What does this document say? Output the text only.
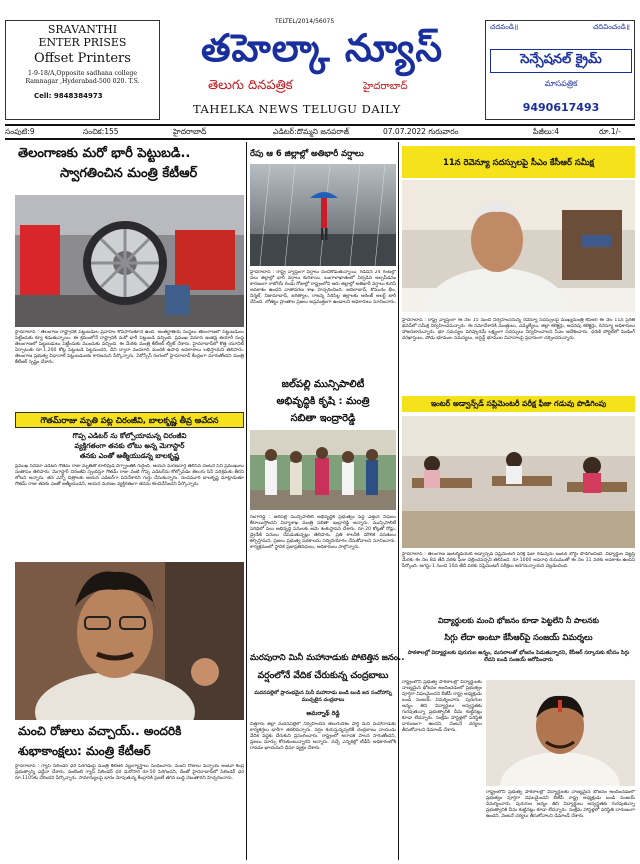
SRAVANTHI
ENTER PRISES
Offset Printers
1-9-18/A,Opposite sadhana college Ramnagar ,Hyderabad-500 020. T.S.
Cell: 9848384973
TELTEL/2014/56075
తహెల్కా న్యూస్
తెలుగు దినపత్రిక	హైదరాబాద్
TAHELKA NEWS TELUGU DAILY
చదవండి॥	చదివించండి॥
సెన్సేషనల్ క్రైమ్
మాసపత్రిక
9490617493
సంపుటి:9	సంచిక:155	హైదరాబాద్	ఎడిటర్:దొమ్మని జనపరాజ్	07.07.2022 గురువారం	పేజీలు:4	రూ.1/-
తెలంగాణకు మరో భారీ పెట్టుబడి..
స్వాగతించిన మంత్రి కేటీఆర్
హైదరాబాద్ : తెలంగాణ రాష్ట్రానికి పెట్టుబడుల ప్రవాహం కొనసాగుతూనే ఉంది. అంతర్జాతీయ సంస్థలు తెలంగాణలో పెట్టుబడులు పెట్టేందుకు క్యూ కడుతున్నాయి. ఈ క్రమంలోనే రాష్ట్రానికి మరో భారీ పెట్టుబడి వచ్చింది. ప్రముఖ విమాన ఇంజిన్ల తయారీ సంస్థ తెలంగాణలో పెట్టుబడులు పెట్టేందుకు ముందుకు వచ్చింది. ఈ మేరకు మంత్రి కేటీఆర్ ట్వీట్ చేశారు. హైదరాబాద్‌లో కొత్త యూనిట్ ఏర్పాటుకు రూ.1,200 కోట్ల పెట్టుబడి పెట్టనుందని, దీని ద్వారా వందలాది మందికి ఉపాధి అవకాశాలు లభిస్తాయని తెలిపారు. తెలంగాణ ప్రభుత్వ విధానాలే పెట్టుబడులకు కారణమని పేర్కొన్నారు. ఏరోస్పేస్ రంగంలో హైదరాబాద్ కేంద్రంగా మారుతోందని మంత్రి కేటీఆర్ స్పష్టం చేశారు.
గౌతమ్‌రాజు మృతి పట్ల చిరంజీవి, బాలకృష్ణ తీవ్ర ఆవేదన
గొప్ప ఎడిటర్ ను కోల్పోయామన్న చిరంజీవి
వ్యక్తిగతంగా తనకు లోటు అన్న మెగాస్టార్
తనకు ఎంతో ఆత్మీయుడన్న బాలకృష్ణ
ప్రముఖ సినిమా ఎడిటర్ గౌతమ్ రాజు మృతితో టాలీవుడ్ దిగ్భ్రాంతికి గురైంది. ఆయన మరణవార్త తెలిసిన వెంటనే సినీ ప్రముఖులు సంతాపం తెలిపారు. మెగాస్టార్ చిరంజీవి స్పందిస్తూ గౌతమ్ రాజు వంటి గొప్ప ఎడిటర్‌ను కోల్పోవడం తెలుగు సినీ పరిశ్రమకు తీరని లోటని అన్నారు. తన ఎన్నో చిత్రాలకు ఆయన ఎడిటర్‌గా పనిచేశారని గుర్తు చేసుకున్నారు. నందమూరి బాలకృష్ణ మాట్లాడుతూ గౌతమ్ రాజు తనకు ఎంతో ఆత్మీయుడని, ఆయన మరణం వ్యక్తిగతంగా తనను కలచివేసిందని పేర్కొన్నారు.
మంచి రోజులు వచ్చాయ్.. అందరికి
శుభాకాంక్షలు: మంత్రి కేటీఆర్
హైదరాబాద్ : గ్యాస్ సిలిండర్ ధర పెరగడంపై మంత్రి కేటీఆర్ వ్యంగ్యాస్త్రాలు సంధించారు. మంచి రోజులు వచ్చాయ్ అంటూ కేంద్ర ప్రభుత్వాన్ని ఎద్దేవా చేశారు. వంటింటి గ్యాస్ సిలిండర్ ధర మరోసారి రూ.50 పెరిగిందని, దీంతో హైదరాబాద్‌లో సిలిండర్ ధర రూ.1105కు చేరిందని పేర్కొన్నారు. సామాన్యులపై భారం మోపుతున్న కేంద్రానికి ప్రజలే తగిన బుద్ధి చెబుతారని హెచ్చరించారు.
రేపు ఆ 6 జిల్లాల్లో అతిభారీ వర్షాలు
హైదరాబాద్ : రాష్ట్ర వ్యాప్తంగా వర్షాలు దంచికొడుతున్నాయి. గడిచిన 24 గంటల్లో పలు జిల్లాల్లో భారీ వర్షాలు కురిశాయి. బంగాళాఖాతంలో ఏర్పడిన అల్పపీడనం కారణంగా రాబోయే రెండు రోజుల్లో రాష్ట్రంలోని ఆరు జిల్లాల్లో అతిభారీ వర్షాలు కురిసే అవకాశం ఉందని వాతావరణ శాఖ హెచ్చరించింది. ఆదిలాబాద్, కొమురం భీం, నిర్మల్, నిజామాబాద్, జగిత్యాల, రాజన్న సిరిసిల్ల జిల్లాలకు ఆరెంజ్ అలర్ట్ జారీ చేసింది. లోతట్టు ప్రాంతాల ప్రజలు అప్రమత్తంగా ఉండాలని అధికారులు సూచించారు.
జల్‌పల్లి మున్సిపాలిటీ
అభివృద్ధికి కృషి : మంత్రి
సబితా ఇంద్రారెడ్డి
రంగారెడ్డి : జల్‌పల్లి మున్సిపాలిటీ అభివృద్ధికి ప్రభుత్వం పెద్ద ఎత్తున నిధులు కేటాయిస్తోందని విద్యాశాఖ మంత్రి సబితా ఇంద్రారెడ్డి అన్నారు. మున్సిపాలిటీ పరిధిలో పలు అభివృద్ధి పనులకు ఆమె శంకుస్థాపన చేశారు. రూ.20 కోట్లతో రోడ్లు, డ్రైనేజీ పనులు చేపడుతున్నట్లు తెలిపారు. ప్రతి కాలనీకి మౌలిక వసతులు కల్పిస్తామని, ప్రజలు ప్రభుత్వ పథకాలను సద్వినియోగం చేసుకోవాలని సూచించారు. కార్యక్రమంలో స్థానిక ప్రజాప్రతినిధులు, అధికారులు పాల్గొన్నారు.
మరపురాని మినీ మహానాడుకు పోటెత్తిన జనం..
వర్షంలోనే వేదిక చేరుకున్న చంద్రబాబు
మదనపల్లెలో ప్రారంభమైన మినీ మహానాడు బండి బండి జన సందోహాన్ని ముచ్చటైన చంద్రబాబు
అమర్నాథ్ రెడ్డి
చిత్తూరు జిల్లా మదనపల్లెలో నిర్వహించిన తెలుగుదేశం పార్టీ మినీ మహానాడుకు కార్యకర్తలు భారీగా తరలివచ్చారు. వర్షం కురుస్తున్నప్పటికీ చంద్రబాబు నాయుడు వేదిక వద్దకు చేరుకుని ప్రసంగించారు. రాష్ట్రంలో అరాచక పాలన సాగుతోందని, ప్రజలు మార్పు కోరుకుంటున్నారని అన్నారు. వచ్చే ఎన్నికల్లో టీడీపీ అధికారంలోకి రావడం ఖాయమని ధీమా వ్యక్తం చేశారు.
11న రెవెన్యూ సదస్సులపై సీఎం కేసీఆర్ సమీక్ష
హైదరాబాద్ : రాష్ట్ర వ్యాప్తంగా ఈ నెల 15 నుంచి నిర్వహించనున్న రెవెన్యూ సదస్సులపై ముఖ్యమంత్రి కేసీఆర్ ఈ నెల 11న ప్రగతి భవన్‌లో సమీక్ష నిర్వహించనున్నారు. ఈ సమావేశానికి మంత్రులు, ఎమ్మెల్యేలు, జిల్లా కలెక్టర్లు, అదనపు కలెక్టర్లు, రెవెన్యూ అధికారులు హాజరుకానున్నారు. భూ సమస్యల పరిష్కారమే లక్ష్యంగా సదస్సులు నిర్వహించాలని సీఎం ఆదేశించారు. ధరణి పోర్టల్‌లో పెండింగ్ దరఖాస్తులు, పోడు భూముల సమస్యలు, అసైన్డ్ భూముల వివాదాలపై ప్రధానంగా చర్చించనున్నారు.
ఇంటర్ అడ్వాన్స్‌డ్ సప్లిమెంటరీ పరీక్ష ఫీజు గడువు పొడిగింపు
హైదరాబాద్ : తెలంగాణ ఇంటర్మీడియట్ అడ్వాన్స్‌డ్ సప్లిమెంటరీ పరీక్ష ఫీజు గడువును ఇంటర్ బోర్డు పొడిగించింది. విద్యార్థుల విజ్ఞప్తి మేరకు ఈ నెల 8వ తేదీ వరకు ఫీజు చెల్లించవచ్చని తెలిపింది. రూ.1000 అపరాధ రుసుముతో ఈ నెల 11 వరకు అవకాశం ఉందని పేర్కొంది. ఆగస్టు 1 నుంచి 10వ తేదీ వరకు సప్లిమెంటరీ పరీక్షలు జరగనున్నాయని వెల్లడించింది.
విద్యార్థులకు మంచి భోజనం కూడా పెట్టలేని నీ పాలనకు
సిగ్గు లేదా అంటూ కేసీఆర్‌పై సంజయ్ విమర్శలు
పాఠశాలల్లో విద్యార్థులకు పురుగుల అన్నం, మసలాలతో భోజనం పెడుతున్నారని, కేసీఆర్ సర్కారుకు కనీసం సిగ్గు లేదని బండి సంజయ్ ఆరోపించారు
రాష్ట్రంలోని ప్రభుత్వ పాఠశాలల్లో విద్యార్థులకు నాణ్యమైన భోజనం అందించడంలో ప్రభుత్వం పూర్తిగా విఫలమైందని బీజేపీ రాష్ట్ర అధ్యక్షుడు బండి సంజయ్ విమర్శించారు. పురుగుల అన్నం తిని విద్యార్థులు అస్వస్థతకు గురవుతున్నా ప్రభుత్వానికి చీమ కుట్టినట్లు కూడా లేదన్నారు. సంక్షేమ హాస్టళ్లలో పరిస్థితి దారుణంగా ఉందని, వెంటనే చర్యలు తీసుకోవాలని డిమాండ్ చేశారు.
రాష్ట్రంలోని ప్రభుత్వ పాఠశాలల్లో విద్యార్థులకు నాణ్యమైన భోజనం అందించడంలో ప్రభుత్వం పూర్తిగా విఫలమైందని బీజేపీ రాష్ట్ర అధ్యక్షుడు బండి సంజయ్ విమర్శించారు. పురుగుల అన్నం తిని విద్యార్థులు అస్వస్థతకు గురవుతున్నా ప్రభుత్వానికి చీమ కుట్టినట్లు కూడా లేదన్నారు. సంక్షేమ హాస్టళ్లలో పరిస్థితి దారుణంగా ఉందని, వెంటనే చర్యలు తీసుకోవాలని డిమాండ్ చేశారు.
